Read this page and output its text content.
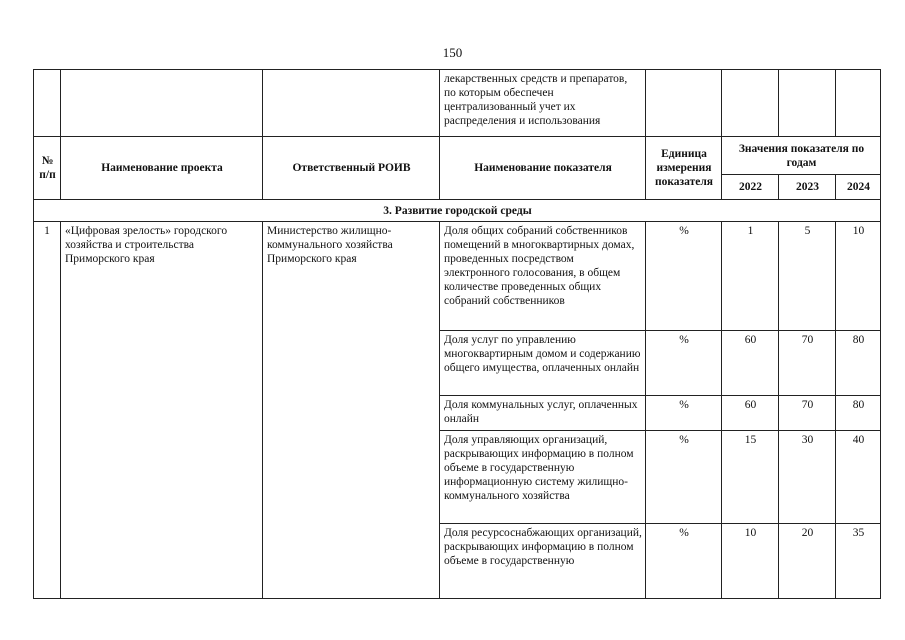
150
			лекарственных средств и препаратов, по которым обеспечен централизованный учет их распределения и использования				
№ п/п	Наименование проекта	Ответственный РОИВ	Наименование показателя	Единица измерения показателя	Значения показателя по годам		
					2022	2023	2024
3. Развитие городской среды							
1	«Цифровая зрелость» городского хозяйства и строительства Приморского края	Министерство жилищно-коммунального хозяйства Приморского края	Доля общих собраний собственников помещений в многоквартирных домах, проведенных посредством электронного голосования, в общем количестве проведенных общих собраний собственников	%	1	5	10
			Доля услуг по управлению многоквартирным домом и содержанию общего имущества, оплаченных онлайн	%	60	70	80
			Доля коммунальных услуг, оплаченных онлайн	%	60	70	80
			Доля управляющих организаций, раскрывающих информацию в полном объеме в государственную информационную систему жилищно-коммунального хозяйства	%	15	30	40
			Доля ресурсоснабжающих организаций, раскрывающих информацию в полном объеме в государственную	%	10	20	35
